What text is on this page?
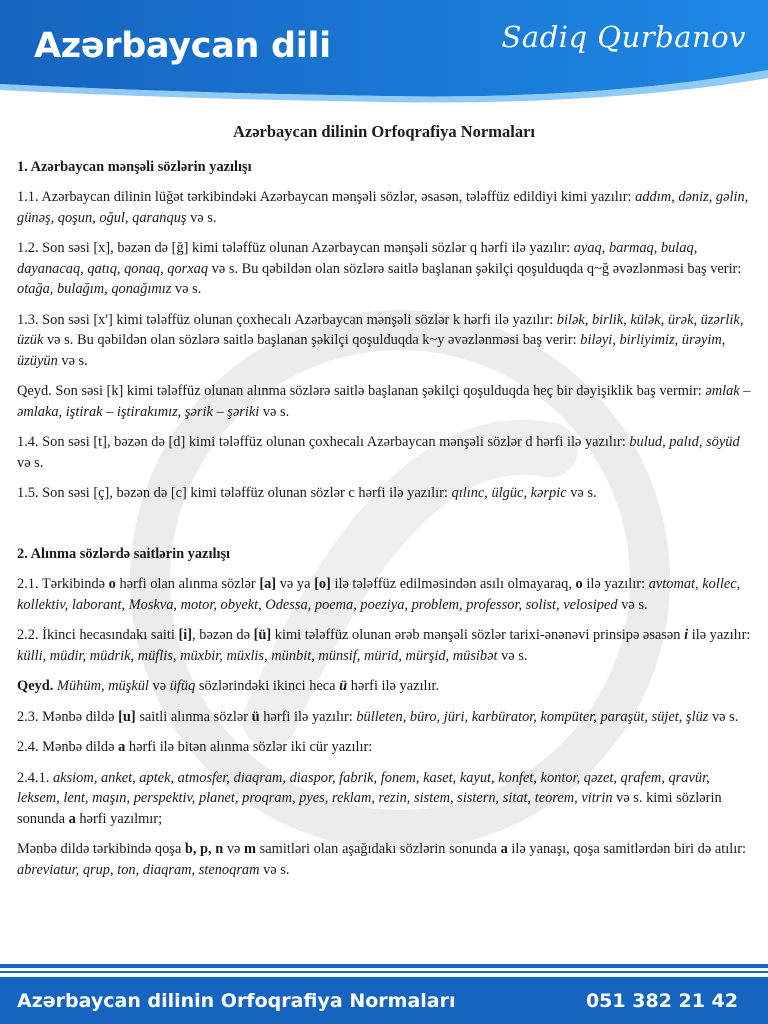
Azərbaycan dili	Sadiq Qurbanov
Azərbaycan dilinin Orfoqrafiya Normaları
1. Azərbaycan mənşəli sözlərin yazılışı

1.1. Azərbaycan dilinin lüğət tərkibindəki Azərbaycan mənşəli sözlər, əsasən, tələffüz edildiyi kimi yazılır: addım, dəniz, gəlin, günəş, qoşun, oğul, qaranquş və s.

1.2. Son səsi [x], bəzən də [ğ] kimi tələffüz olunan Azərbaycan mənşəli sözlər q hərfi ilə yazılır: ayaq, barmaq, bulaq, dayanacaq, qatıq, qonaq, qorxaq və s. Bu qəbildən olan sözlərə saitlə başlanan şəkilçi qoşulduqda q~ğ əvəzlənməsi baş verir: otağa, bulağım, qonağımız və s.

1.3. Son səsi [x'] kimi tələffüz olunan çoxhecalı Azərbaycan mənşəli sözlər k hərfi ilə yazılır: bilək, birlik, külək, ürək, üzərlik, üzük və s. Bu qəbildən olan sözlərə saitlə başlanan şəkilçi qoşulduqda k~y əvəzlənməsi baş verir: biləyi, birliyimiz, ürəyim, üzüyün və s.

Qeyd. Son səsi [k] kimi tələffüz olunan alınma sözlərə saitlə başlanan şəkilçi qoşulduqda heç bir dəyişiklik baş vermir: əmlak – əmlaka, iştirak – iştirakımız, şərik – şəriki və s.

1.4. Son səsi [t], bəzən də [d] kimi tələffüz olunan çoxhecalı Azərbaycan mənşəli sözlər d hərfi ilə yazılır: bulud, palıd, söyüd və s.

1.5. Son səsi [ç], bəzən də [c] kimi tələffüz olunan sözlər c hərfi ilə yazılır: qılınc, ülgüc, kərpic və s.

2. Alınma sözlərdə saitlərin yazılışı

2.1. Tərkibində o hərfi olan alınma sözlər [a] və ya [o] ilə tələffüz edilməsindən asılı olmayaraq, o ilə yazılır: avtomat, kollec, kollektiv, laborant, Moskva, motor, obyekt, Odessa, poema, poeziya, problem, professor, solist, velosiped və s.

2.2. İkinci hecasındakı saiti [i], bəzən də [ü] kimi tələffüz olunan ərəb mənşəli sözlər tarixi-ənənəvi prinsipə əsasən i ilə yazılır: külli, müdir, müdrik, müflis, müxbir, müxlis, münbit, münsif, mürid, mürşid, müsibət və s.

Qeyd. Mühüm, müşkül və üfüq sözlərindəki ikinci heca ü hərfi ilə yazılır.

2.3. Mənbə dildə [u] saitli alınma sözlər ü hərfi ilə yazılır: bülleten, büro, jüri, karbürator, kompüter, paraşüt, süjet, şlüz və s.

2.4. Mənbə dildə a hərfi ilə bitən alınma sözlər iki cür yazılır:

2.4.1. aksiom, anket, aptek, atmosfer, diaqram, diaspor, fabrik, fonem, kaset, kayut, konfet, kontor, qəzet, qrafem, qravür, leksem, lent, maşın, perspektiv, planet, proqram, pyes, reklam, rezin, sistem, sistern, sitat, teorem, vitrin və s. kimi sözlərin sonunda a hərfi yazılmır;

Mənbə dildə tərkibində qoşa b, p, n və m samitləri olan aşağıdakı sözlərin sonunda a ilə yanaşı, qoşa samitlərdən biri də atılır: abreviatur, qrup, ton, diaqram, stenoqram və s.

Azərbaycan dilinin Orfoqrafiya Normaları	051 382 21 42
